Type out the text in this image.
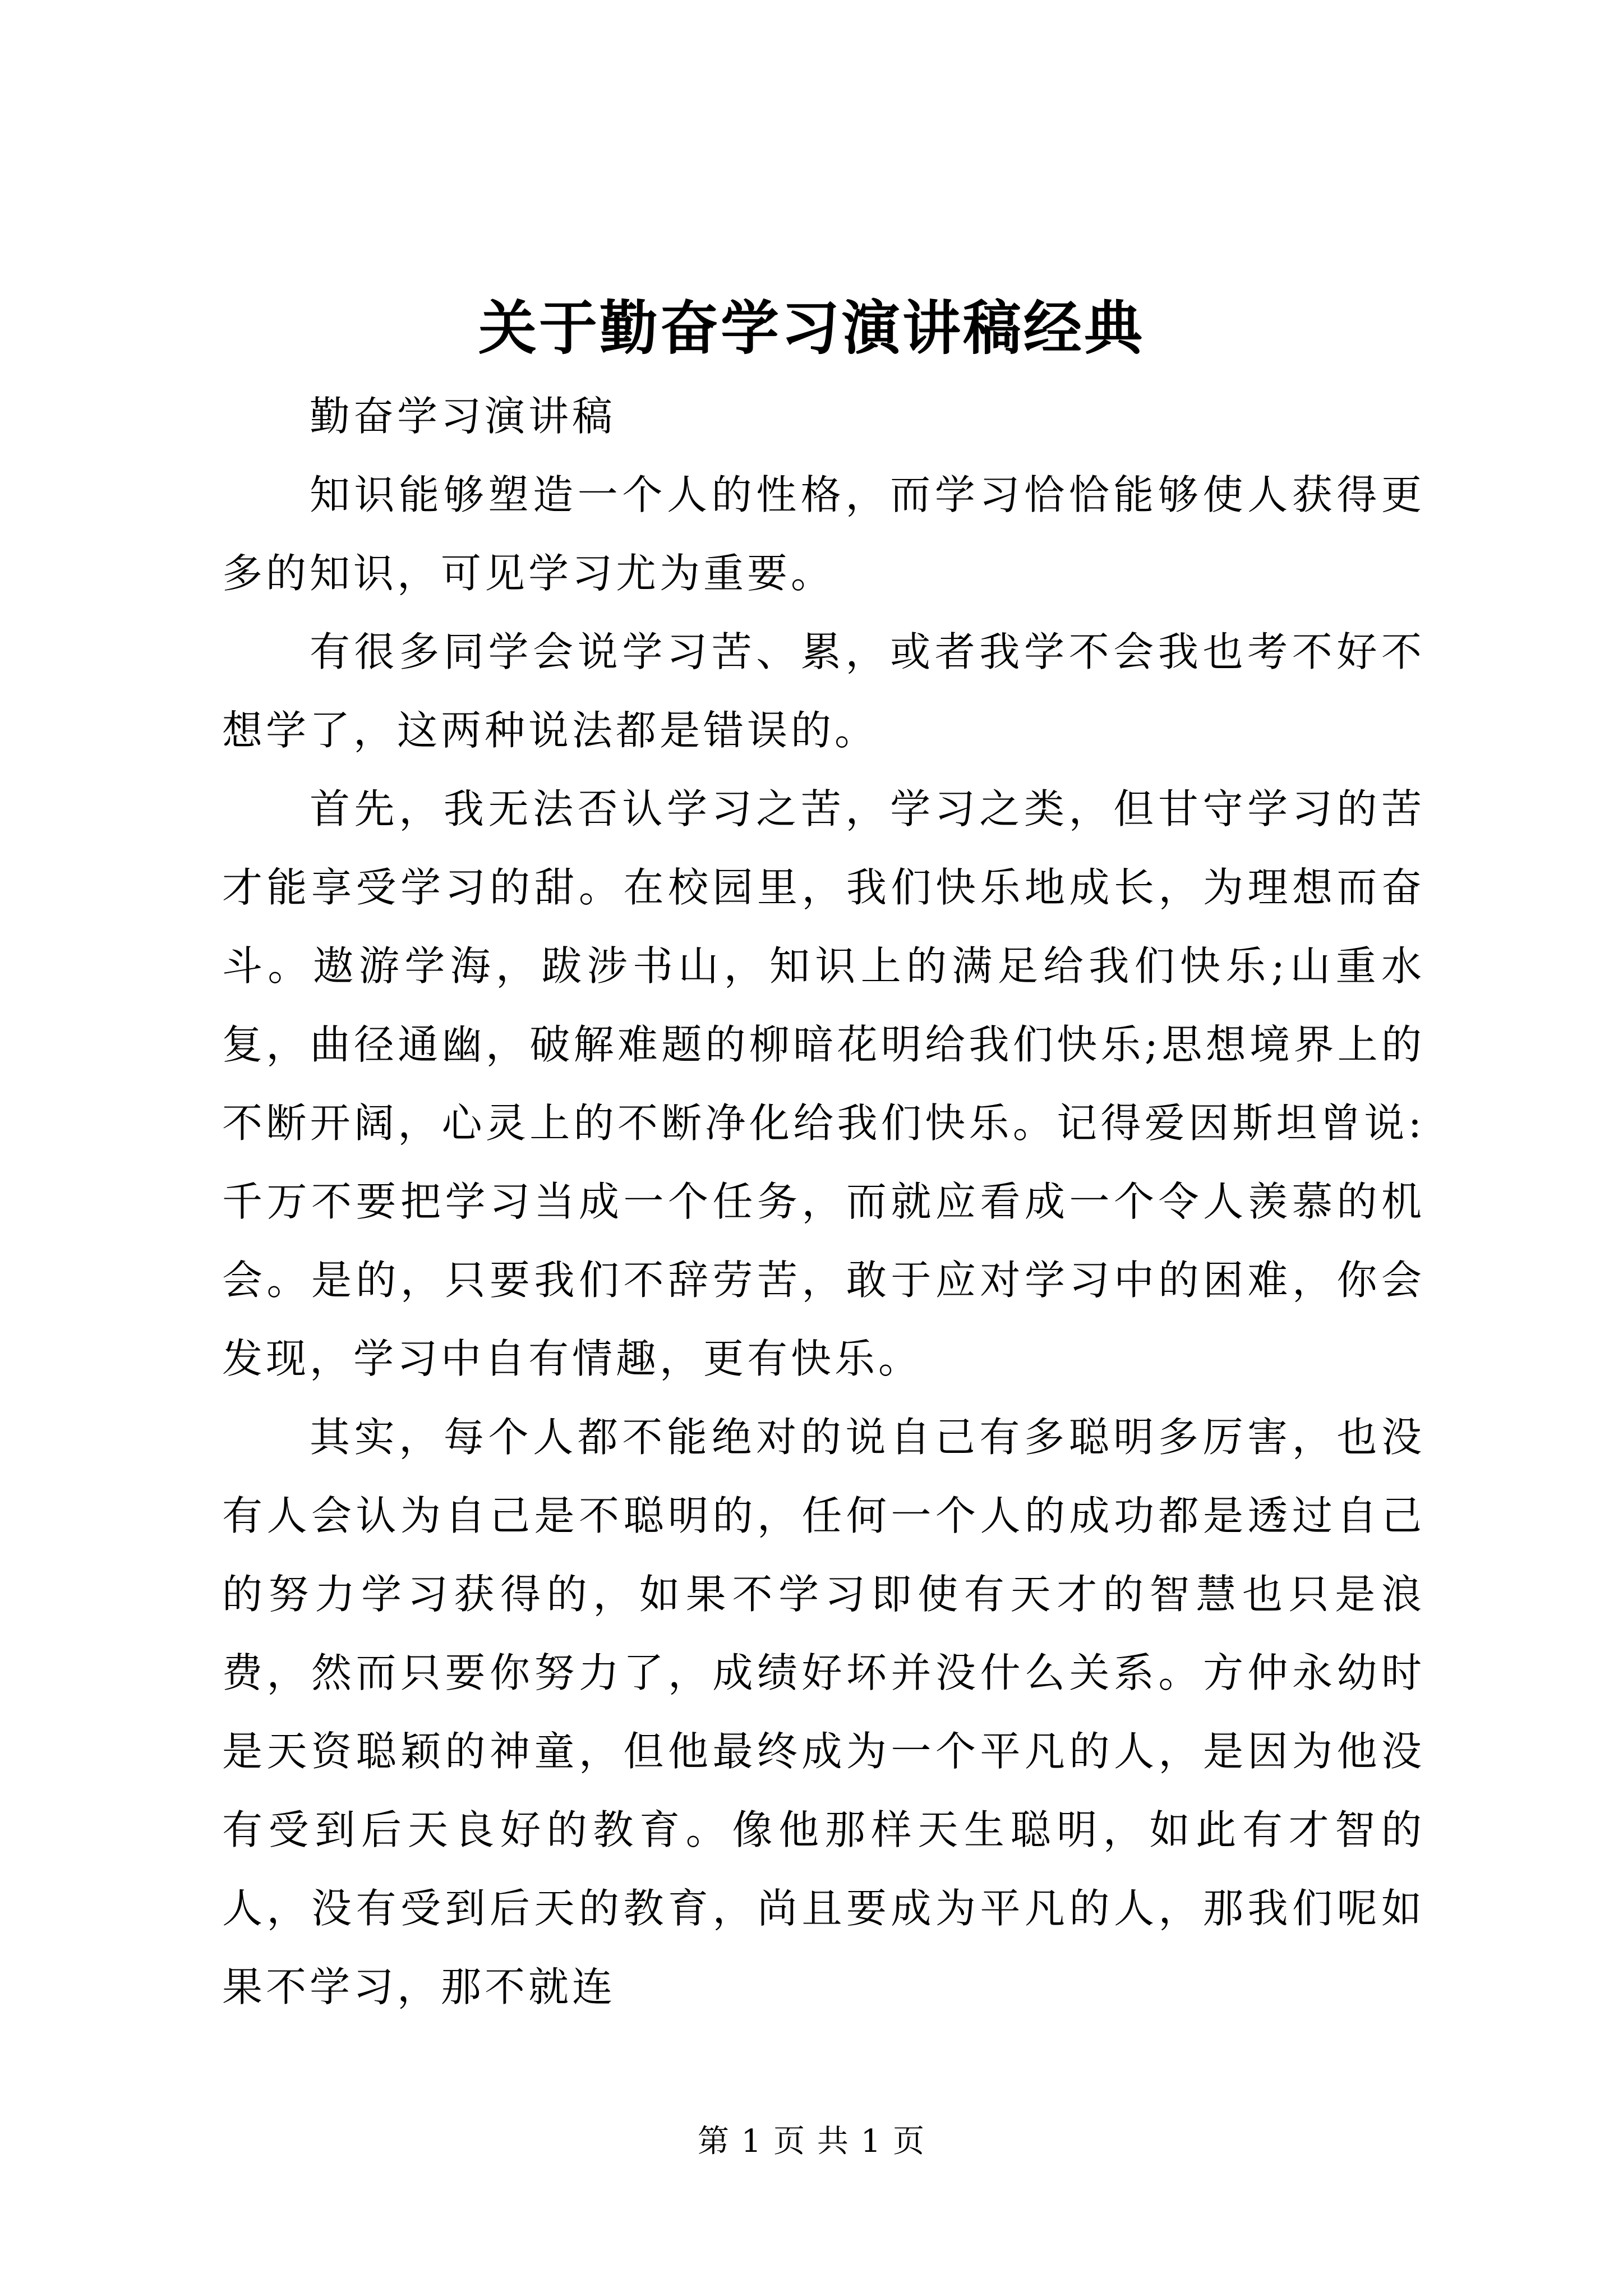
关于勤奋学习演讲稿经典

勤奋学习演讲稿

知识能够塑造一个人的性格，而学习恰恰能够使人获得更多的知识，可见学习尤为重要。

有很多同学会说学习苦、累，或者我学不会我也考不好不想学了，这两种说法都是错误的。

首先，我无法否认学习之苦，学习之类，但甘守学习的苦才能享受学习的甜。在校园里，我们快乐地成长，为理想而奋斗。遨游学海，跋涉书山，知识上的满足给我们快乐;山重水复，曲径通幽，破解难题的柳暗花明给我们快乐;思想境界上的不断开阔，心灵上的不断净化给我们快乐。记得爱因斯坦曾说:千万不要把学习当成一个任务，而就应看成一个令人羡慕的机会。是的，只要我们不辞劳苦，敢于应对学习中的困难，你会发现，学习中自有情趣，更有快乐。

其实，每个人都不能绝对的说自己有多聪明多厉害，也没有人会认为自己是不聪明的，任何一个人的成功都是透过自己的努力学习获得的，如果不学习即使有天才的智慧也只是浪费，然而只要你努力了，成绩好坏并没什么关系。方仲永幼时是天资聪颖的神童，但他最终成为一个平凡的人，是因为他没有受到后天良好的教育。像他那样天生聪明，如此有才智的人，没有受到后天的教育，尚且要成为平凡的人，那我们呢如果不学习，那不就连

第 1 页 共 1 页
